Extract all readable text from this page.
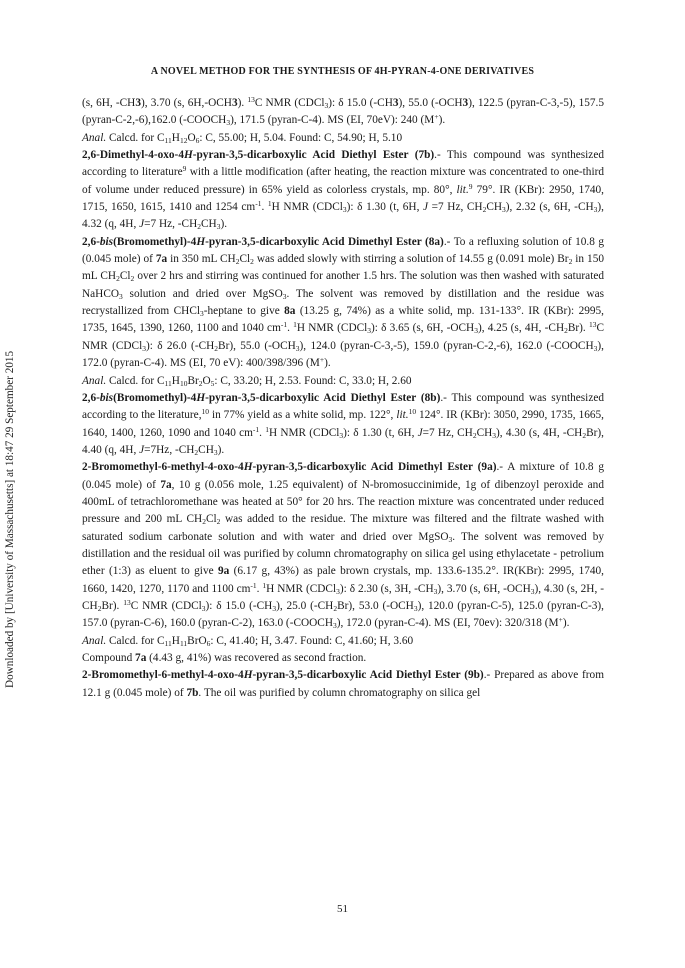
A NOVEL METHOD FOR THE SYNTHESIS OF 4H-PYRAN-4-ONE DERIVATIVES
Downloaded by [University of Massachusetts] at 18:47 29 September 2015

(s, 6H, -CH3), 3.70 (s, 6H,-OCH3). $^{13}$C NMR (CDCl$_3$): δ 15.0 (-CH3), 55.0 (-OCH3), 122.5 (pyran-C-3,-5), 157.5 (pyran-C-2,-6),162.0 $(-COOCH_3)$, 171.5 (pyran-C-4). MS (EI, 70eV): 240 (M+).

Anal. Calcd. for $C_{11}H_{12}O_6$: C, 55.00; H, 5.04. Found: C, 54.90; H, 5.10

2,6-Dimethyl-4-oxo-4H-pyran-3,5-dicarboxylic Acid Diethyl Ester (7b).- This compound was synthesized according to literature$^9$ with a little modification (after heating, the reaction mixture was concentrated to one-third of volume under reduced pressure) in 65% yield as colorless crystals, mp. 80°, lit.$^9$ 79°. IR (KBr): 2950, 1740, 1715, 1650, 1615, 1410 and 1254 $cm^{-1}$. $^1$H NMR (CDCl$_3$): δ 1.30 (t, 6H, J =7 Hz, $CH_2CH_3$), 2.32 (s, 6H, $-CH_3$), 4.32 (q, 4H, J=7 Hz, $-CH_2CH_3$).

2,6-bis(Bromomethyl)-4H-pyran-3,5-dicarboxylic Acid Dimethyl Ester (8a).- To a refluxing solution of 10.8 g (0.045 mole) of 7a in 350 mL $CH_2Cl_2$ was added slowly with stirring a solution of 14.55 g (0.091 mole) $Br_2$ in 150 mL $CH_2Cl_2$ over 2 hrs and stirring was continued for another 1.5 hrs. The solution was then washed with saturated NaHCO$_3$ solution and dried over MgSO$_3$. The solvent was removed by distillation and the residue was recrystallized from CHCl$_3$-heptane to give 8a (13.25 g, 74%) as a white solid, mp. 131-133°. IR (KBr): 2995, 1735, 1645, 1390, 1260, 1100 and 1040 $cm^{-1}$. $^1$H NMR (CDCl$_3$): δ 3.65 (s, 6H, $-OCH_3$), 4.25 (s, 4H, $-CH_2Br$). $^{13}$C NMR (CDCl$_3$): δ 26.0 $(-CH_2Br)$, 55.0 $(-OCH_3)$, 124.0 (pyran-C-3,-5), 159.0 (pyran-C-2,-6), 162.0 $(-COOCH_3)$, 172.0 (pyran-C-4). MS (EI, 70 eV): 400/398/396 (M+).

Anal. Calcd. for $C_{11}H_{10}Br_2O_5$: C, 33.20; H, 2.53. Found: C, 33.0; H, 2.60

2,6-bis(Bromomethyl)-4H-pyran-3,5-dicarboxylic Acid Diethyl Ester (8b).- This compound was synthesized according to the literature,$^{10}$ in 77% yield as a white solid, mp. 122°, lit.$^{10}$ 124°. IR (KBr): 3050, 2990, 1735, 1665, 1640, 1400, 1260, 1090 and 1040 $cm^{-1}$. $^1$H NMR (CDCl$_3$): δ 1.30 (t, 6H, J=7 Hz, $CH_2CH_3$), 4.30 (s, 4H, $-CH_2Br$), 4.40 (q, 4H, J=7Hz, $-CH_2CH_3$).

2-Bromomethyl-6-methyl-4-oxo-4H-pyran-3,5-dicarboxylic Acid Dimethyl Ester (9a).- A mixture of 10.8 g (0.045 mole) of 7a, 10 g (0.056 mole, 1.25 equivalent) of N-bromosuccinimide, 1g of dibenzoyl peroxide and 400mL of tetrachloromethane was heated at 50° for 20 hrs. The reaction mixture was concentrated under reduced pressure and 200 mL $CH_2Cl_2$ was added to the residue. The mixture was filtered and the filtrate washed with saturated sodium carbonate solution and with water and dried over MgSO$_3$. The solvent was removed by distillation and the residual oil was purified by column chromatography on silica gel using ethylacetate - petrolium ether (1:3) as eluent to give 9a (6.17 g, 43%) as pale brown crystals, mp. 133.6-135.2°. IR(KBr): 2995, 1740, 1660, 1420, 1270, 1170 and 1100 $cm^{-1}$. $^1$H NMR (CDCl$_3$): δ 2.30 (s, 3H, $-CH_3$), 3.70 (s, 6H, $-OCH_3$), 4.30 (s, 2H, $-CH_2Br$). $^{13}$C NMR (CDCl$_3$): δ 15.0 $(-CH_3)$, 25.0 $(-CH_2Br)$, 53.0 $(-OCH_3)$, 120.0 (pyran-C-5), 125.0 (pyran-C-3), 157.0 (pyran-C-6), 160.0 (pyran-C-2), 163.0 $(-COOCH_3)$, 172.0 (pyran-C-4). MS (EI, 70ev): 320/318 (M+).

Anal. Calcd. for $C_{11}H_{11}BrO_6$: C, 41.40; H, 3.47. Found: C, 41.60; H, 3.60

Compound 7a (4.43 g, 41%) was recovered as second fraction.

2-Bromomethyl-6-methyl-4-oxo-4H-pyran-3,5-dicarboxylic Acid Diethyl Ester (9b).- Prepared as above from 12.1 g (0.045 mole) of 7b. The oil was purified by column chromatography on silica gel

51
